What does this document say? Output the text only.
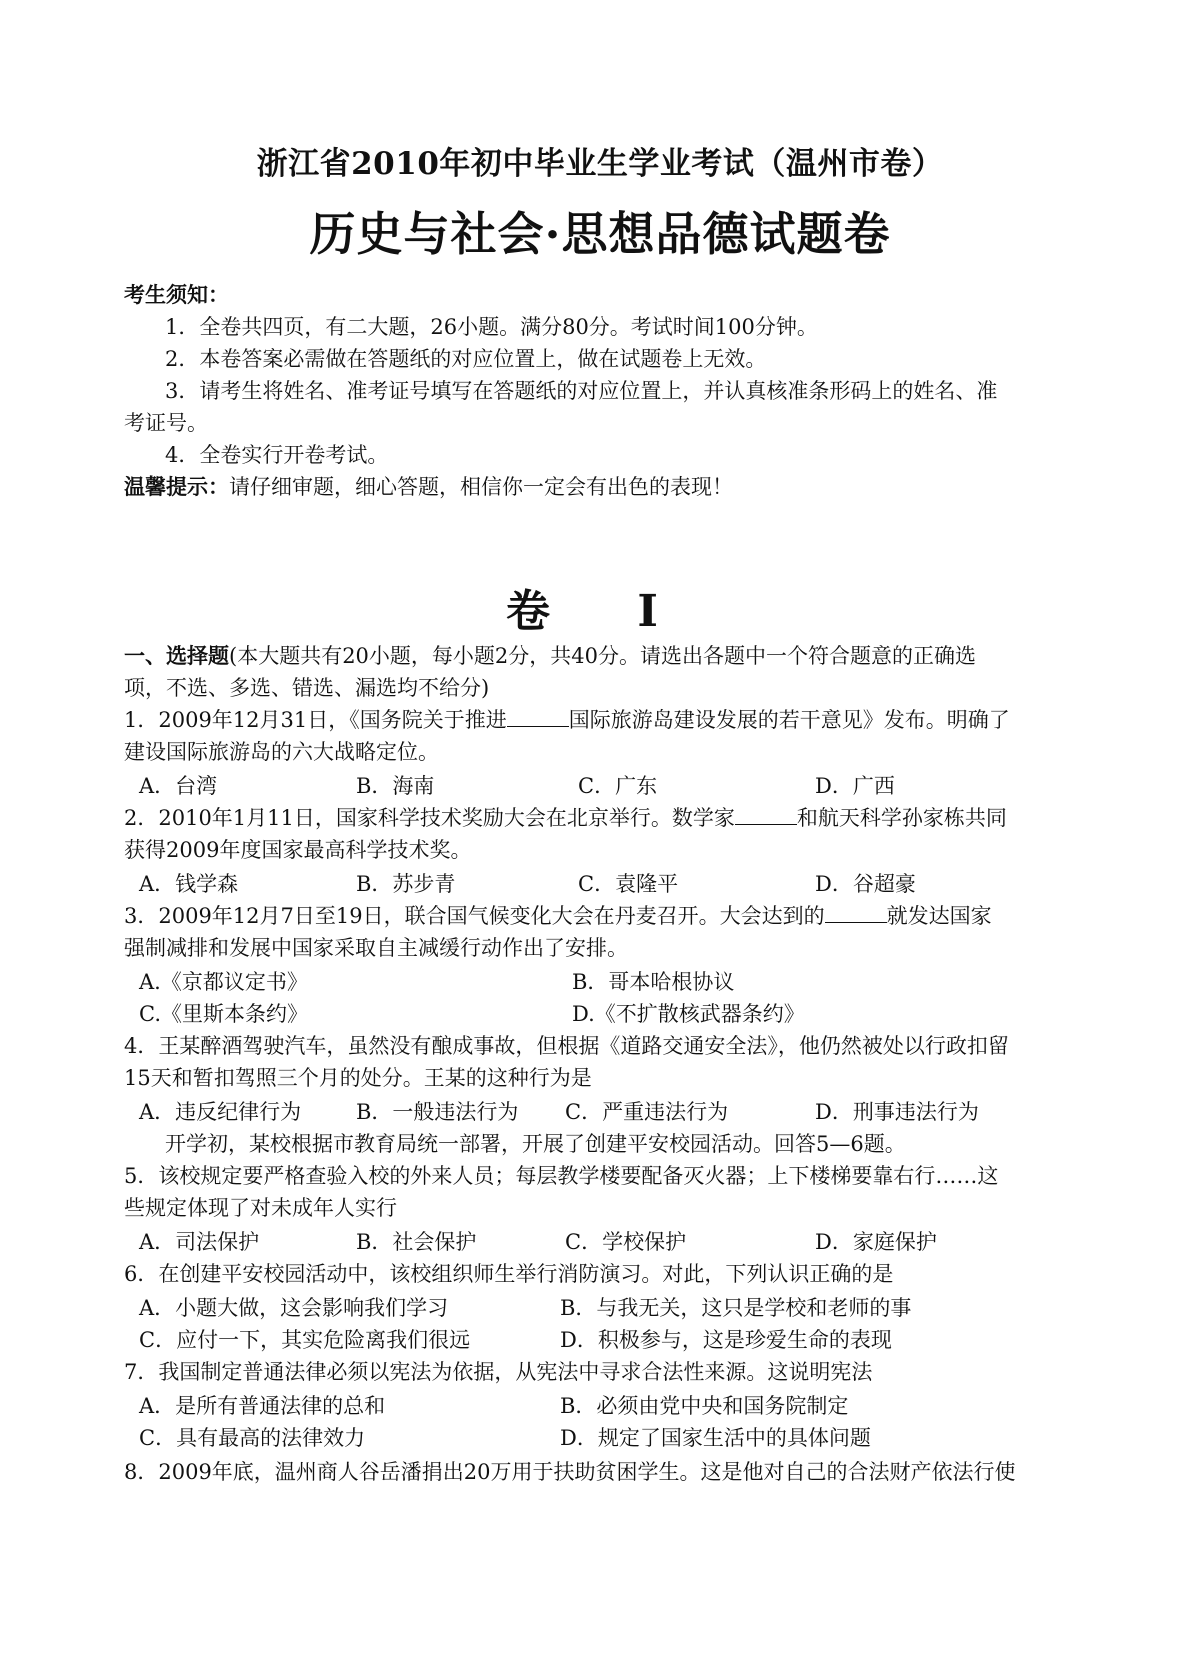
浙江省2010年初中毕业生学业考试（温州市卷）
历史与社会·思想品德试题卷
考生须知：
1．全卷共四页，有二大题，26小题。满分80分。考试时间100分钟。
2．本卷答案必需做在答题纸的对应位置上，做在试题卷上无效。
3．请考生将姓名、准考证号填写在答题纸的对应位置上，并认真核准条形码上的姓名、准
考证号。
4．全卷实行开卷考试。
温馨提示：请仔细审题，细心答题，相信你一定会有出色的表现！
卷 I
一、选择题(本大题共有20小题，每小题2分，共40分。请选出各题中一个符合题意的正确选
项，不选、多选、错选、漏选均不给分)
1．2009年12月31日，《国务院关于推进	国际旅游岛建设发展的若干意见》发布。明确了
建设国际旅游岛的六大战略定位。
A．台湾	B．海南	C．广东	D．广西
2．2010年1月11日，国家科学技术奖励大会在北京举行。数学家	和航天科学孙家栋共同
获得2009年度国家最高科学技术奖。
A．钱学森	B．苏步青	C．袁隆平	D．谷超豪
3．2009年12月7日至19日，联合国气候变化大会在丹麦召开。大会达到的	就发达国家
强制减排和发展中国家采取自主减缓行动作出了安排。
A.《京都议定书》	B．哥本哈根协议
C.《里斯本条约》	D.《不扩散核武器条约》
4．王某醉酒驾驶汽车，虽然没有酿成事故，但根据《道路交通安全法》，他仍然被处以行政扣留
15天和暂扣驾照三个月的处分。王某的这种行为是
A．违反纪律行为	B．一般违法行为 C．严重违法行为	D．刑事违法行为
开学初，某校根据市教育局统一部署，开展了创建平安校园活动。回答5—6题。
5．该校规定要严格查验入校的外来人员；每层教学楼要配备灭火器；上下楼梯要靠右行……这
些规定体现了对未成年人实行
A．司法保护	B．社会保护	C．学校保护	D．家庭保护
6．在创建平安校园活动中，该校组织师生举行消防演习。对此，下列认识正确的是
A．小题大做，这会影响我们学习	B．与我无关，这只是学校和老师的事
C．应付一下，其实危险离我们很远	D．积极参与，这是珍爱生命的表现
7．我国制定普通法律必须以宪法为依据，从宪法中寻求合法性来源。这说明宪法
A．是所有普通法律的总和	B．必须由党中央和国务院制定
C．具有最高的法律效力	D．规定了国家生活中的具体问题
8．2009年底，温州商人谷岳潘捐出20万用于扶助贫困学生。这是他对自己的合法财产依法行使
